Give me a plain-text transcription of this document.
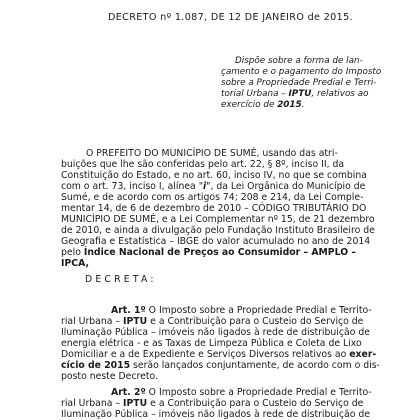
DECRETO nº 1.087, DE 12 DE JANEIRO de 2015.
Dispõe sobre a forma de lan-
çamento e o pagamento do Imposto
sobre a Propriedade Predial e Terri-
torial Urbana – IPTU, relativos ao
exercício de 2015.
O PREFEITO DO MUNICÍPIO DE SUMÉ, usando das atri-
buições que lhe são conferidas pelo art. 22, § 8º, inciso II, da
Constituição do Estado, e no art. 60, inciso IV, no que se combina
com o art. 73, inciso I, alínea "i", da Lei Orgânica do Município de
Sumé, e de acordo com os artigos 74; 208 e 214, da Lei Comple-
mentar 14, de 6 de dezembro de 2010 – CÓDIGO TRIBUTÁRIO DO
MUNICÍPIO DE SUMÉ, e a Lei Complementar nº 15, de 21 dezembro
de 2010, e ainda a divulgação pelo Fundação Instituto Brasileiro de
Geografia e Estatística – IBGE do valor acumulado no ano de 2014
pelo Índice Nacional de Preços ao Consumidor – AMPLO –
IPCA,
DECRETA:
Art. 1º O Imposto sobre a Propriedade Predial e Territo-
rial Urbana – IPTU e a Contribuição para o Custeio do Serviço de
Iluminação Pública – imóveis não ligados à rede de distribuição de
energia elétrica - e as Taxas de Limpeza Pública e Coleta de Lixo
Domiciliar e a de Expediente e Serviços Diversos relativos ao exer-
cício de 2015 serão lançados conjuntamente, de acordo com o dis-
posto neste Decreto.
Art. 2º O Imposto sobre a Propriedade Predial e Territo-
rial Urbana – IPTU e a Contribuição para o Custeio do Serviço de
Iluminação Pública – imóveis não ligados à rede de distribuição de
